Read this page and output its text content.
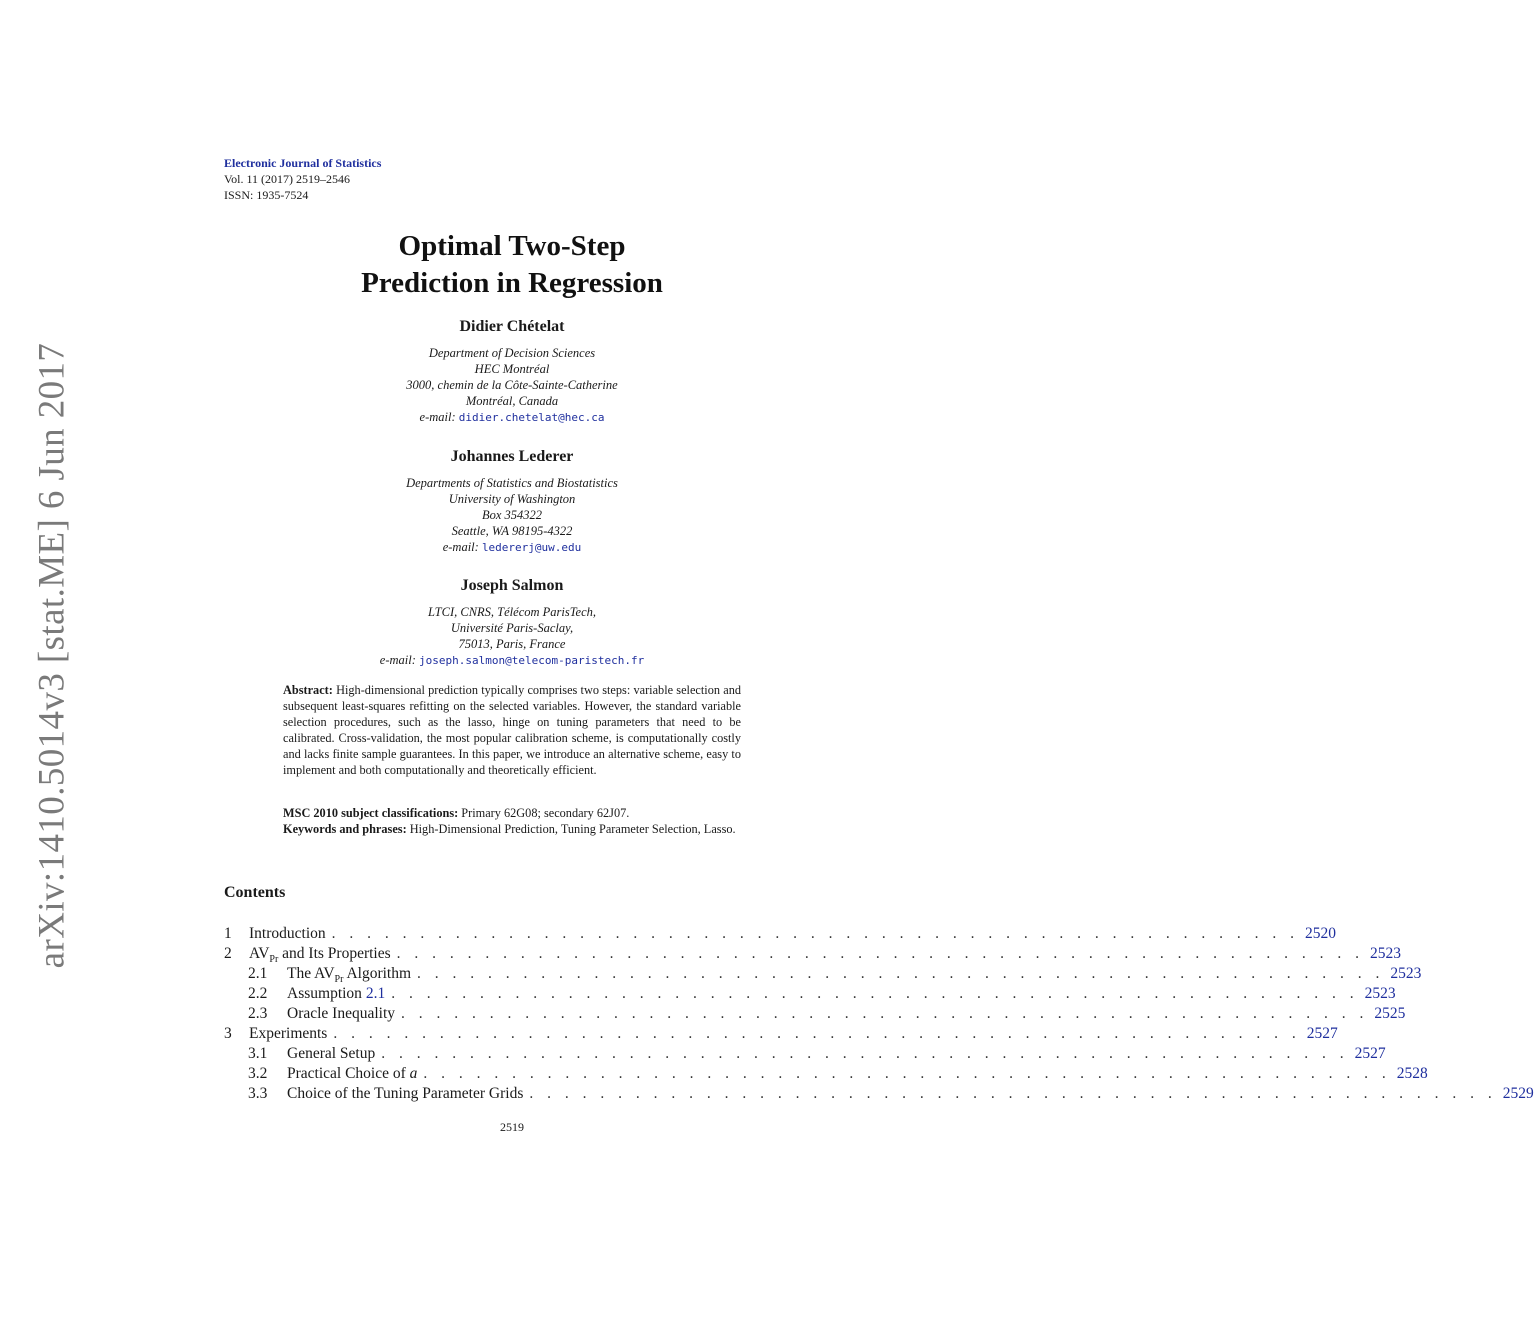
arXiv:1410.5014v3 [stat.ME] 6 Jun 2017
Electronic Journal of Statistics
Vol. 11 (2017) 2519–2546
ISSN: 1935-7524
Optimal Two-Step
Prediction in Regression
Didier Chételat
Department of Decision Sciences
HEC Montréal
3000, chemin de la Côte-Sainte-Catherine
Montréal, Canada
e-mail: didier.chetelat@hec.ca
Johannes Lederer
Departments of Statistics and Biostatistics
University of Washington
Box 354322
Seattle, WA 98195-4322
e-mail: ledererj@uw.edu
Joseph Salmon
LTCI, CNRS, Télécom ParisTech,
Université Paris-Saclay,
75013, Paris, France
e-mail: joseph.salmon@telecom-paristech.fr
Abstract: High-dimensional prediction typically comprises two steps: variable selection and subsequent least-squares refitting on the selected variables. However, the standard variable selection procedures, such as the lasso, hinge on tuning parameters that need to be calibrated. Cross-validation, the most popular calibration scheme, is computationally costly and lacks finite sample guarantees. In this paper, we introduce an alternative scheme, easy to implement and both computationally and theoretically efficient.
MSC 2010 subject classifications: Primary 62G08; secondary 62J07.
Keywords and phrases: High-Dimensional Prediction, Tuning Parameter Selection, Lasso.
Contents
1	Introduction . . . . . . . . . . . . . . . . . . . . . . . . . . . . . . . . . . . . . . . . . . . . . . . . . . . . . . . 2520
2	$AV_{Pr}$ and Its Properties . . . . . . . . . . . . . . . . . . . . . . . . . . . . . . . . . . . . . . . . . . . . . . . . . . . . . . . 2523
2.1	The $AV_{Pr}$ Algorithm . . . . . . . . . . . . . . . . . . . . . . . . . . . . . . . . . . . . . . . . . . . . . . . . . . . . . . . 2523
2.2	Assumption 2.1 . . . . . . . . . . . . . . . . . . . . . . . . . . . . . . . . . . . . . . . . . . . . . . . . . . . . . . . 2523
2.3	Oracle Inequality . . . . . . . . . . . . . . . . . . . . . . . . . . . . . . . . . . . . . . . . . . . . . . . . . . . . . . . 2525
3	Experiments . . . . . . . . . . . . . . . . . . . . . . . . . . . . . . . . . . . . . . . . . . . . . . . . . . . . . . . 2527
3.1	General Setup . . . . . . . . . . . . . . . . . . . . . . . . . . . . . . . . . . . . . . . . . . . . . . . . . . . . . . . 2527
3.2	Practical Choice of a . . . . . . . . . . . . . . . . . . . . . . . . . . . . . . . . . . . . . . . . . . . . . . . . . . . . . . . 2528
3.3	Choice of the Tuning Parameter Grids . . . . . . . . . . . . . . . . . . . . . . . . . . . . . . . . . . . . . . . . . . . . . . . . . . . . . . . 2529
2519
